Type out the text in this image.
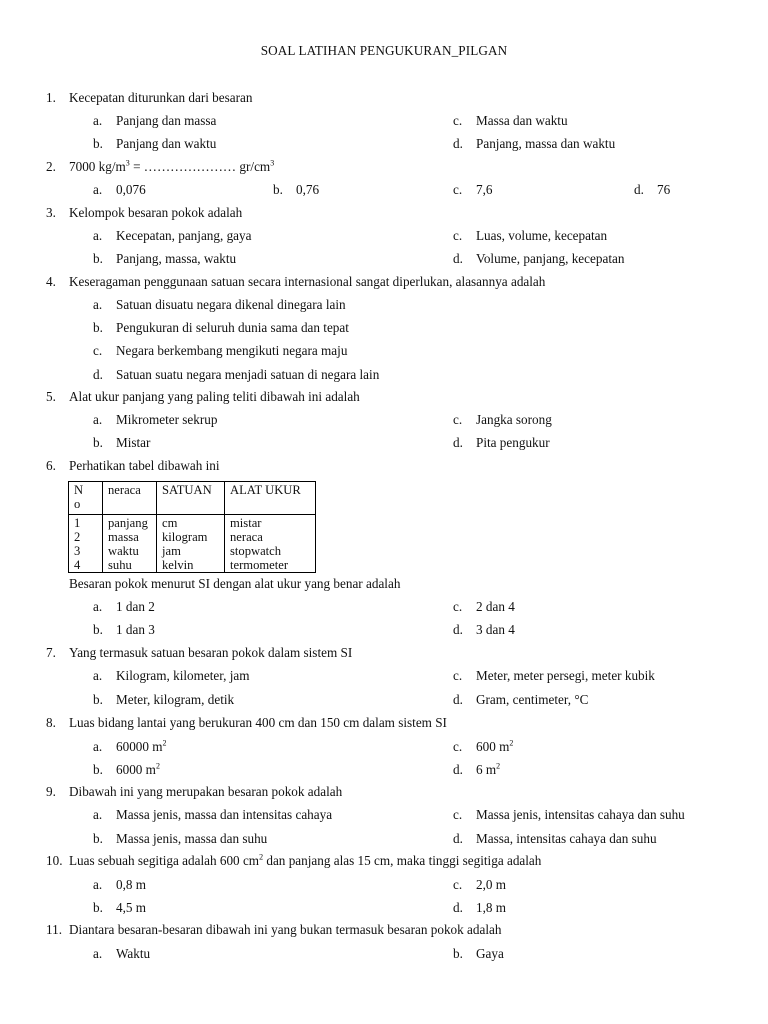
SOAL LATIHAN PENGUKURAN_PILGAN
1. Kecepatan diturunkan dari besaran
a. Panjang dan massa	c. Massa dan waktu
b. Panjang dan waktu	d. Panjang, massa dan waktu
2. 7000 $kg/m^3$ = ………………… $gr/cm^3$
a. 0,076	b. 0,76	c. 7,6	d. 76
3. Kelompok besaran pokok adalah
a. Kecepatan, panjang, gaya	c. Luas, volume, kecepatan
b. Panjang, massa, waktu	d. Volume, panjang, kecepatan
4. Keseragaman penggunaan satuan secara internasional sangat diperlukan, alasannya adalah
a. Satuan disuatu negara dikenal dinegara lain
b. Pengukuran di seluruh dunia sama dan tepat
c. Negara berkembang mengikuti negara maju
d. Satuan suatu negara menjadi satuan di negara lain
5. Alat ukur panjang yang paling teliti dibawah ini adalah
a. Mikrometer sekrup	c. Jangka sorong
b. Mistar	d. Pita pengukur
6. Perhatikan tabel dibawah ini
N o	neraca	SATUAN	ALAT UKUR
1	panjang	cm	mistar
2	massa	kilogram	neraca
3	waktu	jam	stopwatch
4	suhu	kelvin	termometer
Besaran pokok menurut SI dengan alat ukur yang benar adalah
a. 1 dan 2	c. 2 dan 4
b. 1 dan 3	d. 3 dan 4
7. Yang termasuk satuan besaran pokok dalam sistem SI
a. Kilogram, kilometer, jam	c. Meter, meter persegi, meter kubik
b. Meter, kilogram, detik	d. Gram, centimeter, °C
8. Luas bidang lantai yang berukuran 400 cm dan 150 cm dalam sistem SI
a. 60000 $m^2$	c. 600 $m^2$
b. 6000 $m^2$	d. 6 $m^2$
9. Dibawah ini yang merupakan besaran pokok adalah
a. Massa jenis, massa dan intensitas cahaya	c. Massa jenis, intensitas cahaya dan suhu
b. Massa jenis, massa dan suhu	d. Massa, intensitas cahaya dan suhu
10. Luas sebuah segitiga adalah 600 $cm^2$ dan panjang alas 15 cm, maka tinggi segitiga adalah
a. 0,8 m	c. 2,0 m
b. 4,5 m	d. 1,8 m
11. Diantara besaran-besaran dibawah ini yang bukan termasuk besaran pokok adalah
a. Waktu	b. Gaya
